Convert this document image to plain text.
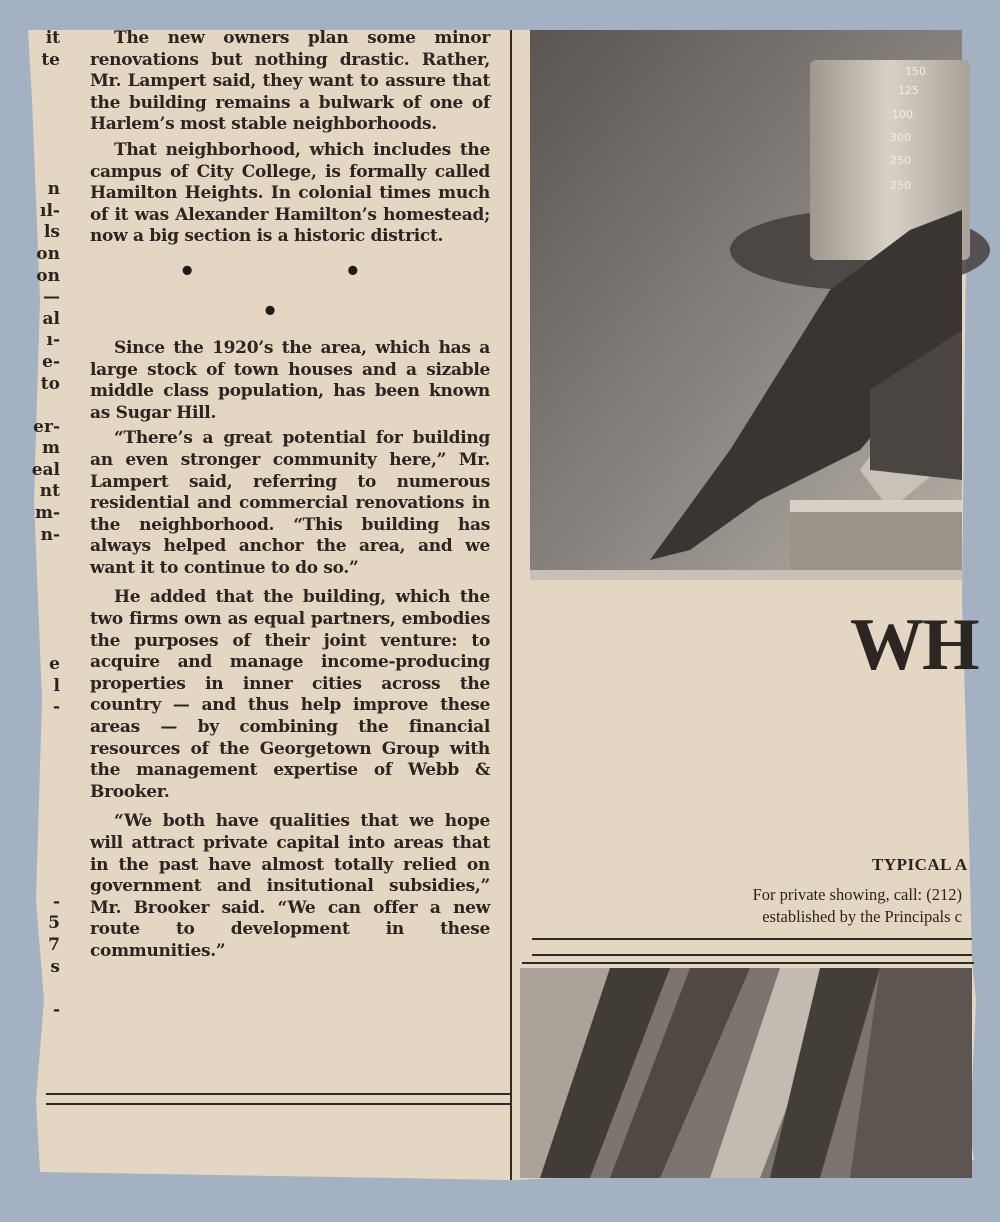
it
te
n
ıl-
ls
on
on
—
al
ı-
e-
to
er-
m
eal
nt
m-
n-
e
l
-
-
5
7
s
-

The new owners plan some minor renovations but nothing drastic. Rather, Mr. Lampert said, they want to assure that the building remains a bulwark of one of Harlem’s most stable neighborhoods.

That neighborhood, which includes the campus of City College, is formally called Hamilton Heights. In colonial times much of it was Alexander Hamilton’s homestead; now a big section is a historic district.

• • •

Since the 1920’s the area, which has a large stock of town houses and a sizable middle class population, has been known as Sugar Hill.

“There’s a great potential for building an even stronger community here,” Mr. Lampert said, referring to numerous residential and commercial renovations in the neighborhood. “This building has always helped anchor the area, and we want it to continue to do so.”

He added that the building, which the two firms own as equal partners, embodies the purposes of their joint venture: to acquire and manage income-producing properties in inner cities across the country — and thus help improve these areas — by combining the financial resources of the Georgetown Group with the management expertise of Webb & Brooker.

“We both have qualities that we hope will attract private capital into areas that in the past have almost totally relied on government and insitutional subsidies,” Mr. Brooker said. “We can offer a new route to development in these communities.”

150
125
100
300
250
250
WH
TYPICAL A
For private showing, call: (212)
established by the Principals c
